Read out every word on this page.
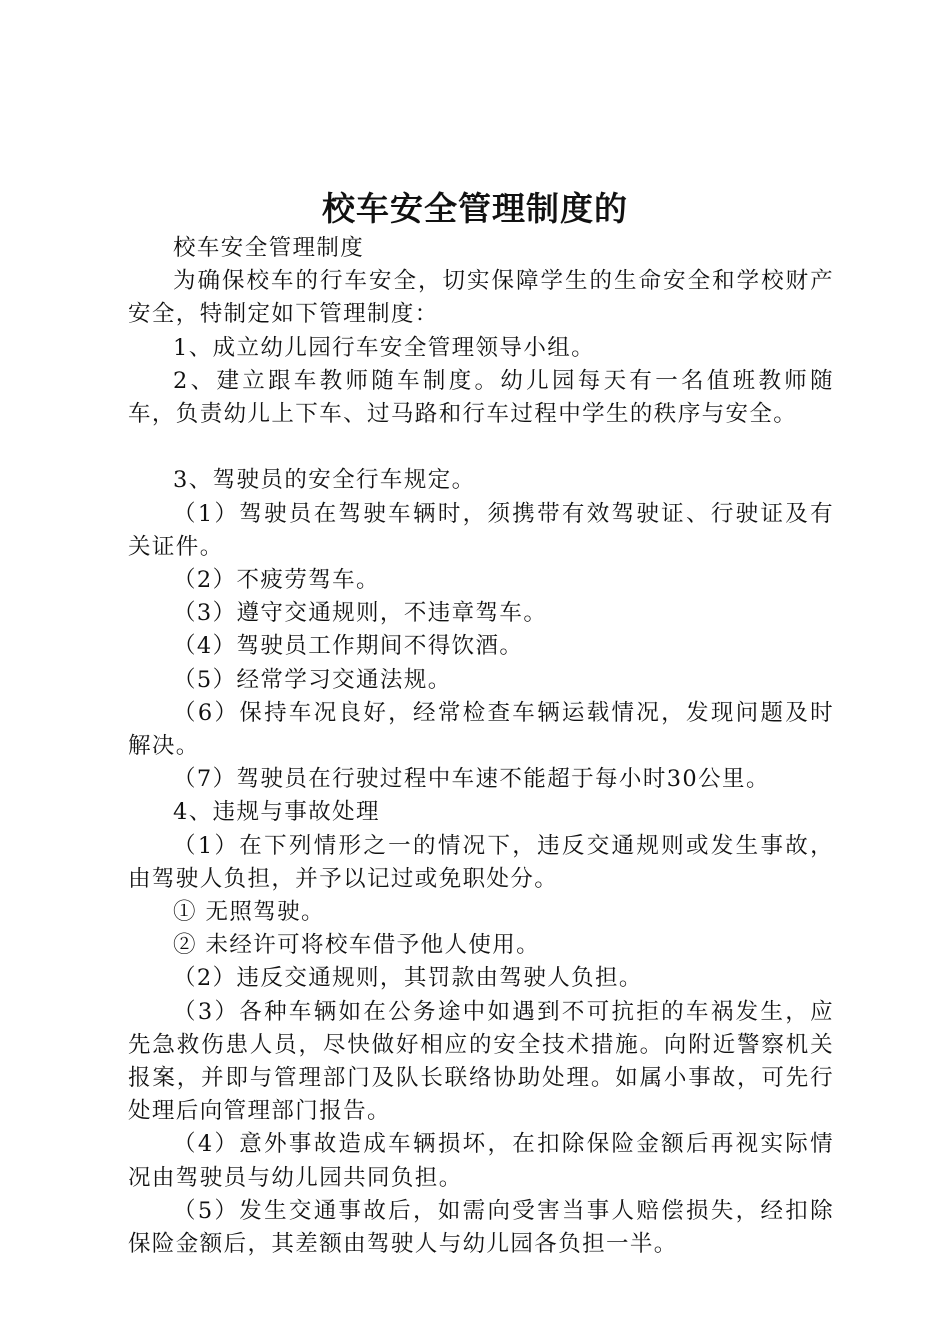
校车安全管理制度的

校车安全管理制度

为确保校车的行车安全，切实保障学生的生命安全和学校财产安全，特制定如下管理制度：

1、成立幼儿园行车安全管理领导小组。

2、建立跟车教师随车制度。幼儿园每天有一名值班教师随车，负责幼儿上下车、过马路和行车过程中学生的秩序与安全。

3、驾驶员的安全行车规定。

（1）驾驶员在驾驶车辆时，须携带有效驾驶证、行驶证及有关证件。

（2）不疲劳驾车。

（3）遵守交通规则，不违章驾车。

（4）驾驶员工作期间不得饮酒。

（5）经常学习交通法规。

（6）保持车况良好，经常检查车辆运载情况，发现问题及时解决。

（7）驾驶员在行驶过程中车速不能超于每小时30公里。

4、违规与事故处理

（1）在下列情形之一的情况下，违反交通规则或发生事故，由驾驶人负担，并予以记过或免职处分。

① 无照驾驶。

② 未经许可将校车借予他人使用。

（2）违反交通规则，其罚款由驾驶人负担。

（3）各种车辆如在公务途中如遇到不可抗拒的车祸发生，应先急救伤患人员，尽快做好相应的安全技术措施。向附近警察机关报案，并即与管理部门及队长联络协助处理。如属小事故，可先行处理后向管理部门报告。

（4）意外事故造成车辆损坏，在扣除保险金额后再视实际情况由驾驶员与幼儿园共同负担。

（5）发生交通事故后，如需向受害当事人赔偿损失，经扣除保险金额后，其差额由驾驶人与幼儿园各负担一半。
